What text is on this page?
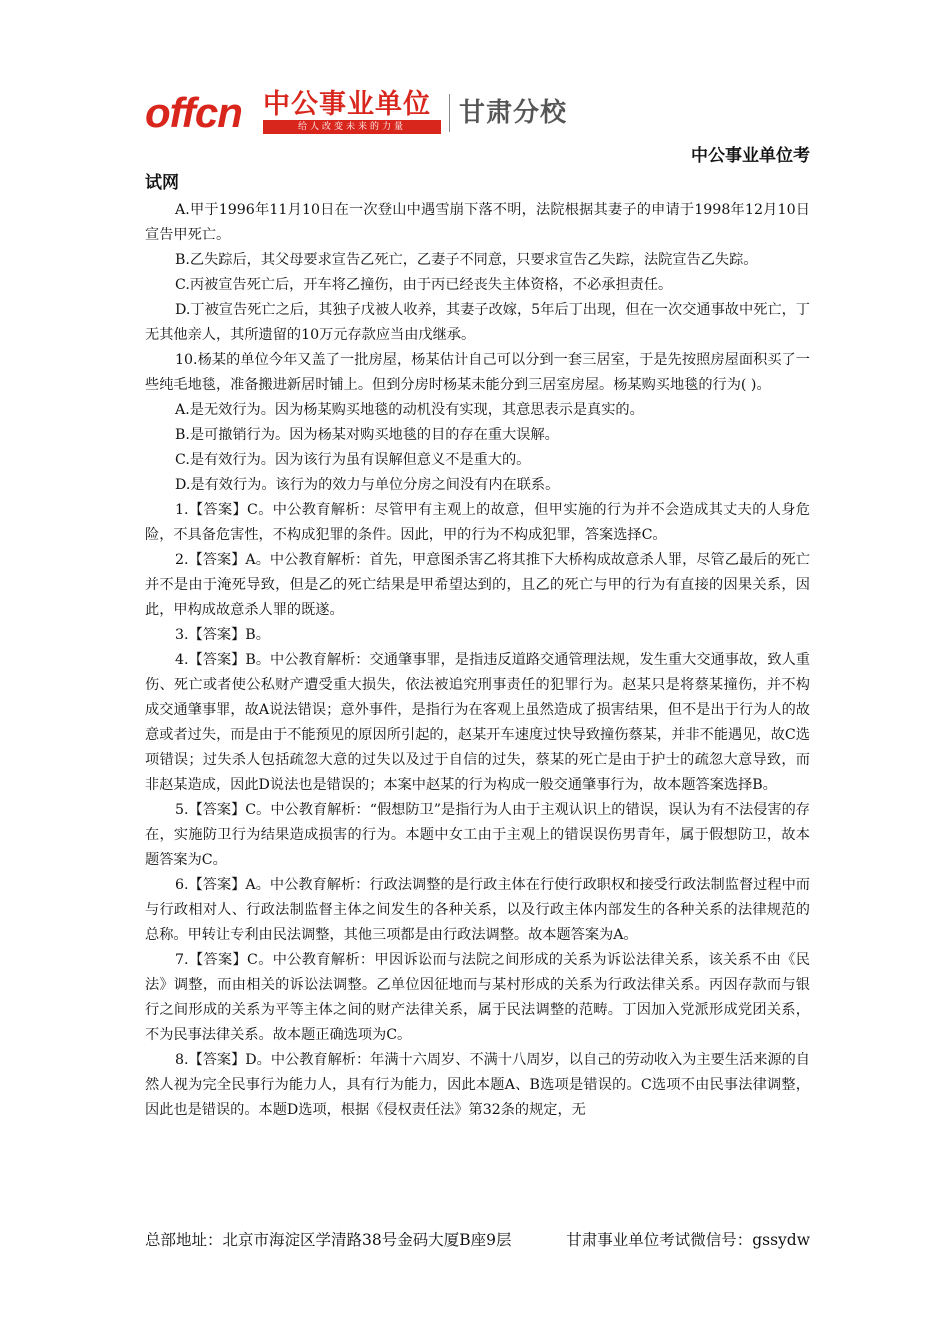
offcn 中公事业单位
给人改变未来的力量	甘肃分校
中公事业单位考
试网

A.甲于1996年11月10日在一次登山中遇雪崩下落不明，法院根据其妻子的申请于1998年12月10日宣告甲死亡。

B.乙失踪后，其父母要求宣告乙死亡，乙妻子不同意，只要求宣告乙失踪，法院宣告乙失踪。

C.丙被宣告死亡后，开车将乙撞伤，由于丙已经丧失主体资格，不必承担责任。

D.丁被宣告死亡之后，其独子戊被人收养，其妻子改嫁，5年后丁出现，但在一次交通事故中死亡，丁无其他亲人，其所遗留的10万元存款应当由戊继承。

10.杨某的单位今年又盖了一批房屋，杨某估计自己可以分到一套三居室，于是先按照房屋面积买了一些纯毛地毯，准备搬进新居时铺上。但到分房时杨某未能分到三居室房屋。杨某购买地毯的行为( )。

A.是无效行为。因为杨某购买地毯的动机没有实现，其意思表示是真实的。

B.是可撤销行为。因为杨某对购买地毯的目的存在重大误解。

C.是有效行为。因为该行为虽有误解但意义不是重大的。

D.是有效行为。该行为的效力与单位分房之间没有内在联系。

1.【答案】C。中公教育解析：尽管甲有主观上的故意，但甲实施的行为并不会造成其丈夫的人身危险，不具备危害性，不构成犯罪的条件。因此，甲的行为不构成犯罪，答案选择C。

2.【答案】A。中公教育解析：首先，甲意图杀害乙将其推下大桥构成故意杀人罪，尽管乙最后的死亡并不是由于淹死导致，但是乙的死亡结果是甲希望达到的，且乙的死亡与甲的行为有直接的因果关系，因此，甲构成故意杀人罪的既遂。

3.【答案】B。

4.【答案】B。中公教育解析：交通肇事罪，是指违反道路交通管理法规，发生重大交通事故，致人重伤、死亡或者使公私财产遭受重大损失，依法被追究刑事责任的犯罪行为。赵某只是将蔡某撞伤，并不构成交通肇事罪，故A说法错误；意外事件，是指行为在客观上虽然造成了损害结果，但不是出于行为人的故意或者过失，而是由于不能预见的原因所引起的，赵某开车速度过快导致撞伤蔡某，并非不能遇见，故C选项错误；过失杀人包括疏忽大意的过失以及过于自信的过失，蔡某的死亡是由于护士的疏忽大意导致，而非赵某造成，因此D说法也是错误的；本案中赵某的行为构成一般交通肇事行为，故本题答案选择B。

5.【答案】C。中公教育解析：“假想防卫”是指行为人由于主观认识上的错误，误认为有不法侵害的存在，实施防卫行为结果造成损害的行为。本题中女工由于主观上的错误误伤男青年，属于假想防卫，故本题答案为C。

6.【答案】A。中公教育解析：行政法调整的是行政主体在行使行政职权和接受行政法制监督过程中而与行政相对人、行政法制监督主体之间发生的各种关系，以及行政主体内部发生的各种关系的法律规范的总称。甲转让专利由民法调整，其他三项都是由行政法调整。故本题答案为A。

7.【答案】C。中公教育解析：甲因诉讼而与法院之间形成的关系为诉讼法律关系，该关系不由《民法》调整，而由相关的诉讼法调整。乙单位因征地而与某村形成的关系为行政法律关系。丙因存款而与银行之间形成的关系为平等主体之间的财产法律关系，属于民法调整的范畴。丁因加入党派形成党团关系，不为民事法律关系。故本题正确选项为C。

8.【答案】D。中公教育解析：年满十六周岁、不满十八周岁，以自己的劳动收入为主要生活来源的自然人视为完全民事行为能力人，具有行为能力，因此本题A、B选项是错误的。C选项不由民事法律调整，因此也是错误的。本题D选项，根据《侵权责任法》第32条的规定，无

总部地址：北京市海淀区学清路38号金码大厦B座9层	甘肃事业单位考试微信号：gssydw
